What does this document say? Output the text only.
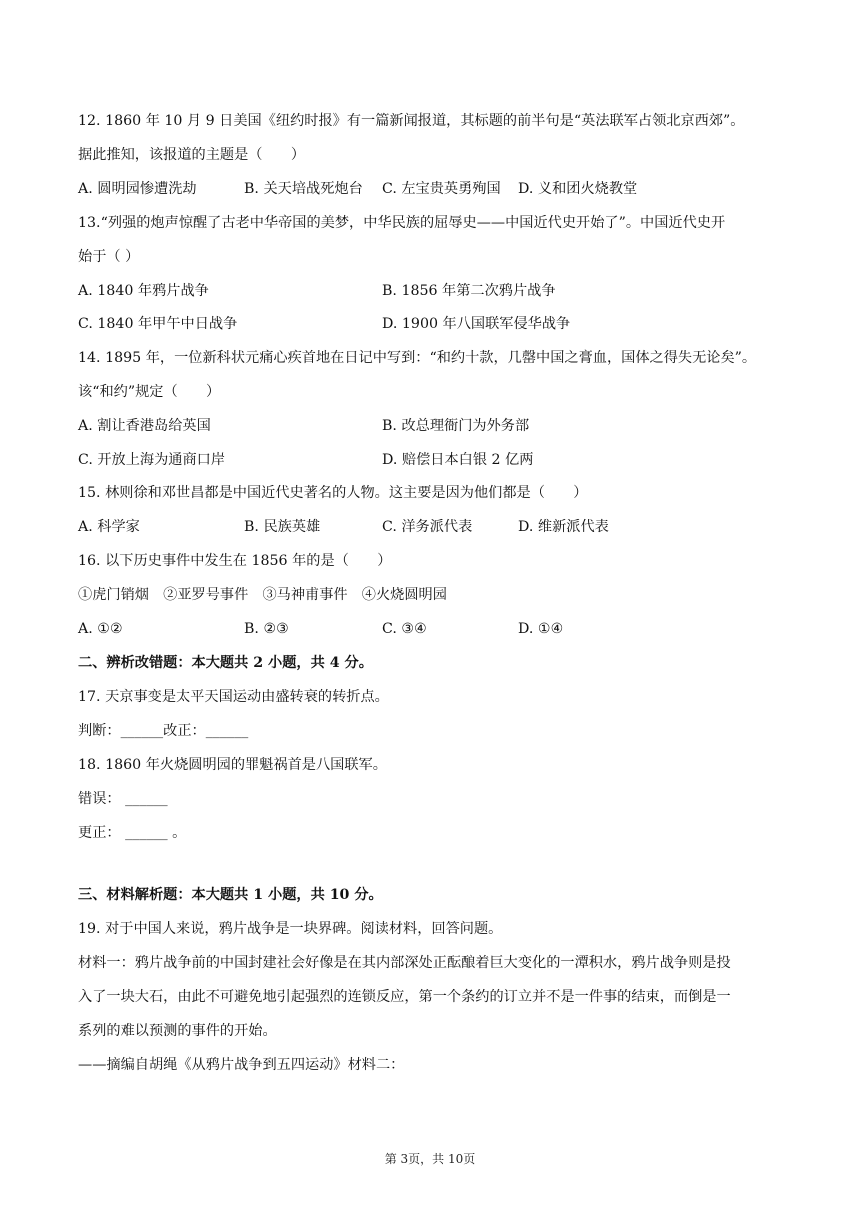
12. 1860 年 10 月 9 日美国《纽约时报》有一篇新闻报道，其标题的前半句是“英法联军占领北京西郊”。
据此推知，该报道的主题是（　　）
A. 圆明园惨遭洗劫	B. 关天培战死炮台 C. 左宝贵英勇殉国 D. 义和团火烧教堂
13.“列强的炮声惊醒了古老中华帝国的美梦，中华民族的屈辱史——中国近代史开始了”。中国近代史开
始于（ ）
A. 1840 年鸦片战争	B. 1856 年第二次鸦片战争
C. 1840 年甲午中日战争	D. 1900 年八国联军侵华战争
14. 1895 年，一位新科状元痛心疾首地在日记中写到：“和约十款，几罄中国之膏血，国体之得失无论矣”。
该“和约”规定（　　）
A. 割让香港岛给英国	B. 改总理衙门为外务部
C. 开放上海为通商口岸	D. 赔偿日本白银 2 亿两
15. 林则徐和邓世昌都是中国近代史著名的人物。这主要是因为他们都是（　　）
A. 科学家	B. 民族英雄	C. 洋务派代表	D. 维新派代表
16. 以下历史事件中发生在 1856 年的是（　　）
①虎门销烟　②亚罗号事件　③马神甫事件　④火烧圆明园
A. ①②	B. ②③	C. ③④	D. ①④
二、辨析改错题：本大题共 2 小题，共 4 分。
17. 天京事变是太平天国运动由盛转衰的转折点。
判断：______改正：______
18. 1860 年火烧圆明园的罪魁祸首是八国联军。
错误： ______
更正： ______ 。
三、材料解析题：本大题共 1 小题，共 10 分。
19. 对于中国人来说，鸦片战争是一块界碑。阅读材料，回答问题。
材料一：鸦片战争前的中国封建社会好像是在其内部深处正酝酿着巨大变化的一潭积水，鸦片战争则是投
入了一块大石，由此不可避免地引起强烈的连锁反应，第一个条约的订立并不是一件事的结束，而倒是一
系列的难以预测的事件的开始。
——摘编自胡绳《从鸦片战争到五四运动》材料二：
第 3页，共 10页
